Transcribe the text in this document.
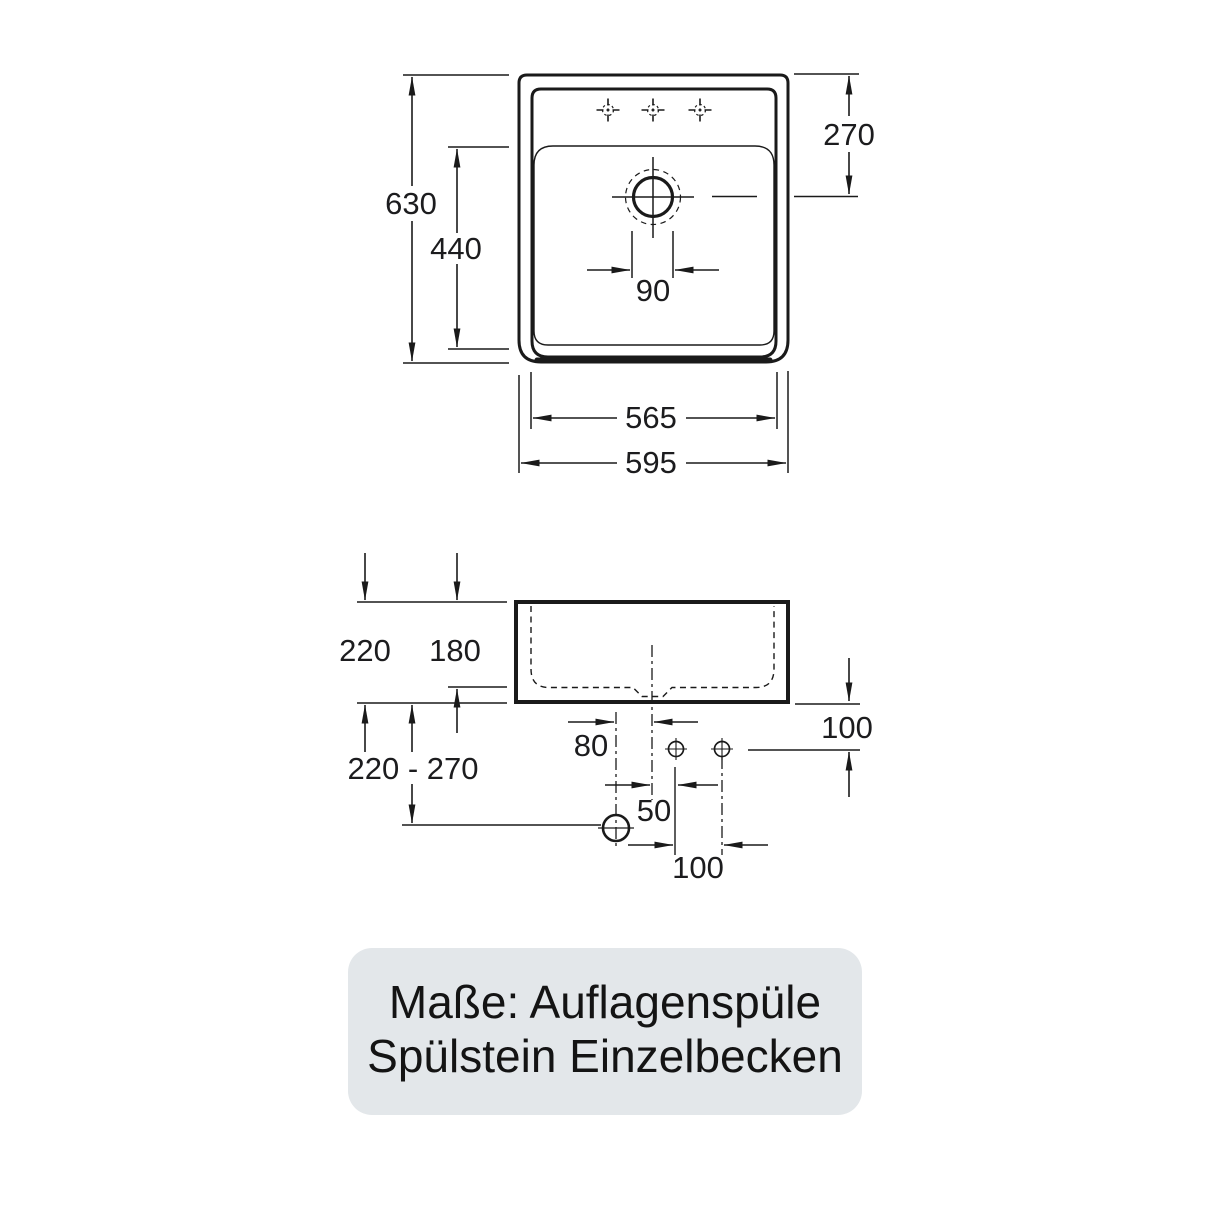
630
440
270
90
565
595
220 180
220 - 270
80
50
100
100
Maße: Auflagenspüle
Spülstein Einzelbecken
